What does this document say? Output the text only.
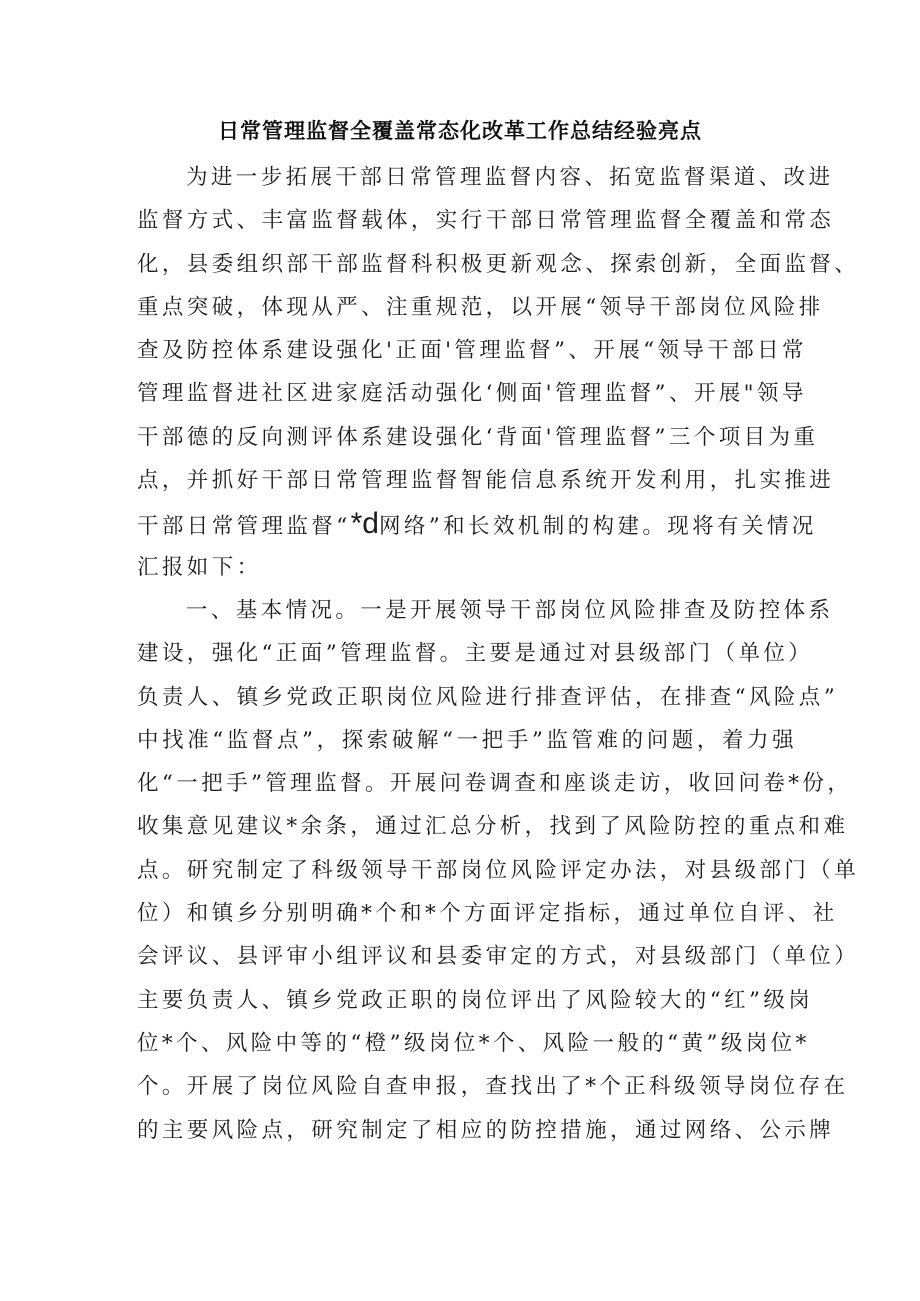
日常管理监督全覆盖常态化改革工作总结经验亮点
为进一步拓展干部日常管理监督内容、拓宽监督渠道、改进
监督方式、丰富监督载体，实行干部日常管理监督全覆盖和常态
化，县委组织部干部监督科积极更新观念、探索创新，全面监督、
重点突破，体现从严、注重规范，以开展“领导干部岗位风险排
查及防控体系建设强化'正面'管理监督”、开展“领导干部日常
管理监督进社区进家庭活动强化‘侧面'管理监督”、开展"领导
干部德的反向测评体系建设强化‘背面'管理监督”三个项目为重
点，并抓好干部日常管理监督智能信息系统开发利用，扎实推进
干部日常管理监督“*d网络”和长效机制的构建。现将有关情况
汇报如下：
一、基本情况。一是开展领导干部岗位风险排查及防控体系
建设，强化“正面”管理监督。主要是通过对县级部门（单位）
负责人、镇乡党政正职岗位风险进行排查评估，在排查“风险点”
中找准“监督点”，探索破解“一把手”监管难的问题，着力强
化“一把手”管理监督。开展问卷调查和座谈走访，收回问卷*份，
收集意见建议*余条，通过汇总分析，找到了风险防控的重点和难
点。研究制定了科级领导干部岗位风险评定办法，对县级部门（单
位）和镇乡分别明确*个和*个方面评定指标，通过单位自评、社
会评议、县评审小组评议和县委审定的方式，对县级部门（单位）
主要负责人、镇乡党政正职的岗位评出了风险较大的“红”级岗
位*个、风险中等的“橙”级岗位*个、风险一般的“黄”级岗位*
个。开展了岗位风险自查申报，查找出了*个正科级领导岗位存在
的主要风险点，研究制定了相应的防控措施，通过网络、公示牌
